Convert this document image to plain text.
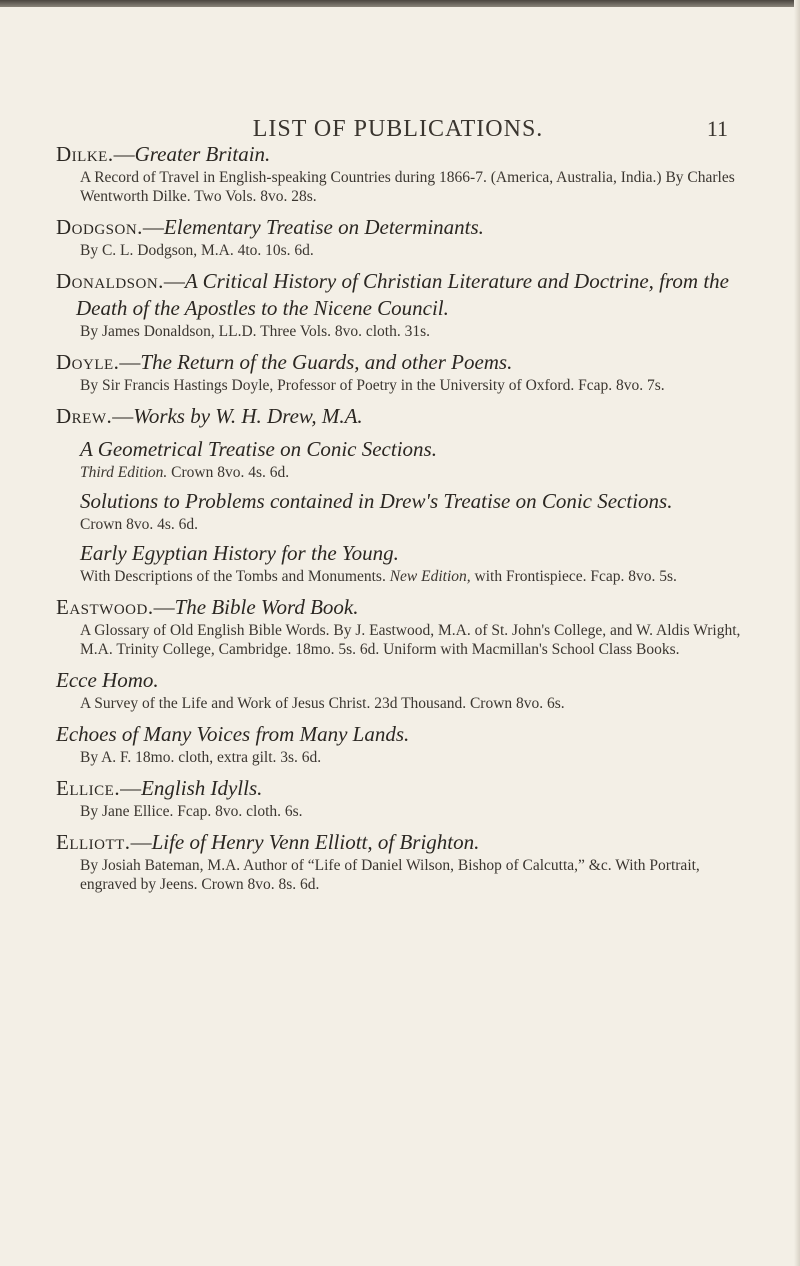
LIST OF PUBLICATIONS.	11

Dilke.—Greater Britain.

A Record of Travel in English-speaking Countries during 1866-7. (America, Australia, India.) By Charles Wentworth Dilke. Two Vols. 8vo. 28s.

Dodgson.—Elementary Treatise on Determinants.

By C. L. Dodgson, M.A. 4to. 10s. 6d.

Donaldson.—A Critical History of Christian Literature and Doctrine, from the Death of the Apostles to the Nicene Council.

By James Donaldson, LL.D. Three Vols. 8vo. cloth. 31s.

Doyle.—The Return of the Guards, and other Poems.

By Sir Francis Hastings Doyle, Professor of Poetry in the University of Oxford. Fcap. 8vo. 7s.

Drew.—Works by W. H. Drew, M.A.

A Geometrical Treatise on Conic Sections.

Third Edition. Crown 8vo. 4s. 6d.

Solutions to Problems contained in Drew's Treatise on Conic Sections.

Crown 8vo. 4s. 6d.

Early Egyptian History for the Young.

With Descriptions of the Tombs and Monuments. New Edition, with Frontispiece. Fcap. 8vo. 5s.

Eastwood.—The Bible Word Book.

A Glossary of Old English Bible Words. By J. Eastwood, M.A. of St. John's College, and W. Aldis Wright, M.A. Trinity College, Cambridge. 18mo. 5s. 6d. Uniform with Macmillan's School Class Books.

Ecce Homo.

A Survey of the Life and Work of Jesus Christ. 23d Thousand. Crown 8vo. 6s.

Echoes of Many Voices from Many Lands.

By A. F. 18mo. cloth, extra gilt. 3s. 6d.

Ellice.—English Idylls.

By Jane Ellice. Fcap. 8vo. cloth. 6s.

Elliott.—Life of Henry Venn Elliott, of Brighton.

By Josiah Bateman, M.A. Author of “Life of Daniel Wilson, Bishop of Calcutta,” &c. With Portrait, engraved by Jeens. Crown 8vo. 8s. 6d.
